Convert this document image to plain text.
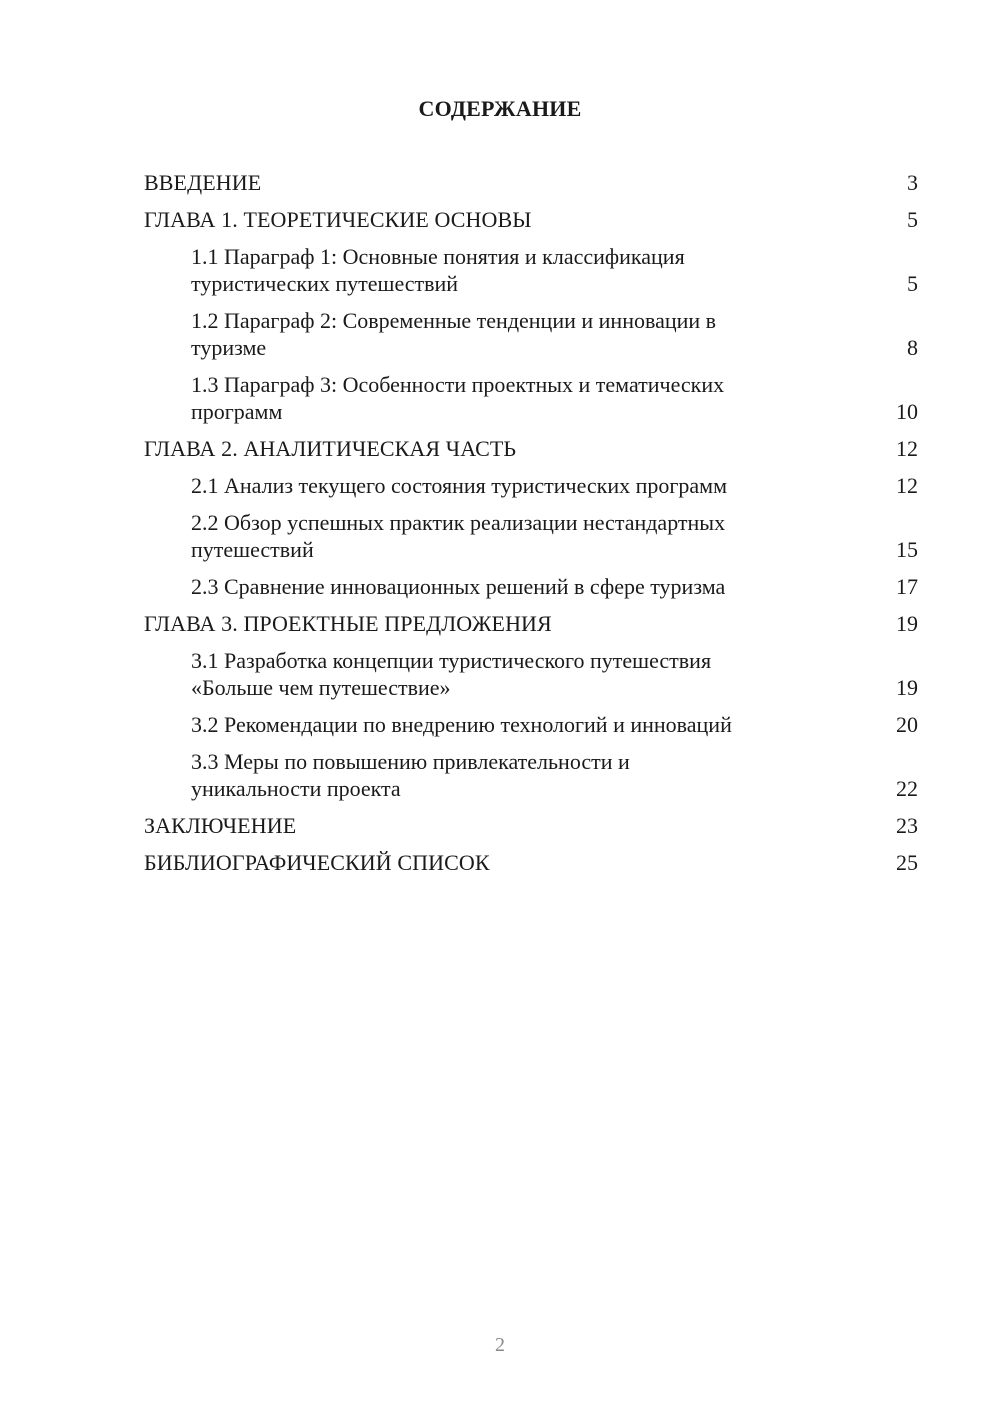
СОДЕРЖАНИЕ
ВВЕДЕНИЕ	3
ГЛАВА 1. ТЕОРЕТИЧЕСКИЕ ОСНОВЫ	5
1.1 Параграф 1: Основные понятия и классификация
туристических путешествий	5
1.2 Параграф 2: Современные тенденции и инновации в
туризме	8
1.3 Параграф 3: Особенности проектных и тематических
программ	10
ГЛАВА 2. АНАЛИТИЧЕСКАЯ ЧАСТЬ	12
2.1 Анализ текущего состояния туристических программ	12
2.2 Обзор успешных практик реализации нестандартных
путешествий	15
2.3 Сравнение инновационных решений в сфере туризма	17
ГЛАВА 3. ПРОЕКТНЫЕ ПРЕДЛОЖЕНИЯ	19
3.1 Разработка концепции туристического путешествия
«Больше чем путешествие»	19
3.2 Рекомендации по внедрению технологий и инноваций	20
3.3 Меры по повышению привлекательности и
уникальности проекта	22
ЗАКЛЮЧЕНИЕ	23
БИБЛИОГРАФИЧЕСКИЙ СПИСОК	25
2
